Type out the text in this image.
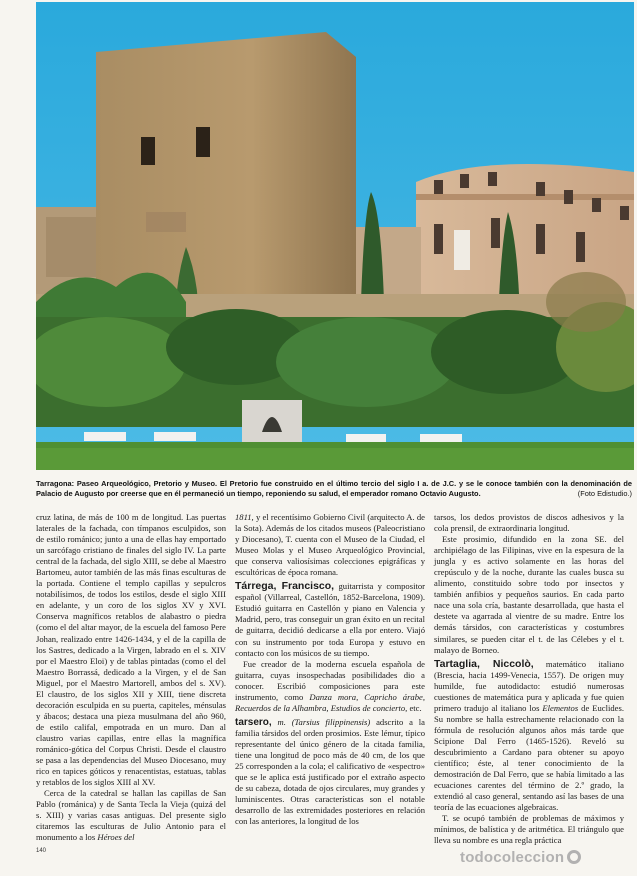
Tarragona: Paseo Arqueológico, Pretorio y Museo. El Pretorio fue construido en el último tercio del siglo I a. de J.C. y se le conoce también con la denominación de Palacio de Augusto por creerse que en él permaneció un tiempo, reponiendo su salud, el emperador romano Octavio Augusto.	(Foto Edistudio.)

cruz latina, de más de 100 m de longitud. Las puertas laterales de la fachada, con tímpanos esculpidos, son de estilo románico; junto a una de ellas hay emportado un sarcófago cristiano de finales del siglo IV. La parte central de la fachada, del siglo XIII, se debe al Maestro Bartomeu, autor también de las más finas esculturas de la portada. Contiene el templo capillas y sepulcros notabilísimos, de todos los estilos, desde el siglo XIII en adelante, y un coro de los siglos XV y XVI. Conserva magníficos retablos de alabastro o piedra (como el del altar mayor, de la escuela del famoso Pere Johan, realizado entre 1426-1434, y el de la capilla de los Sastres, dedicado a la Virgen, labrado en el s. XIV por el Maestro Eloi) y de tablas pintadas (como el del Maestro Borrassá, dedicado a la Virgen, y el de San Miguel, por el Maestro Martorell, ambos del s. XV). El claustro, de los siglos XII y XIII, tiene discreta decoración esculpida en su puerta, capiteles, ménsulas y ábacos; destaca una pieza musulmana del año 960, de estilo califal, empotrada en un muro. Dan al claustro varias capillas, entre ellas la magnífica románico-gótica del Corpus Christi. Desde el claustro se pasa a las dependencias del Museo Diocesano, muy rico en tapices góticos y renacentistas, estatuas, tablas y retablos de los siglos XIII al XV.

Cerca de la catedral se hallan las capillas de San Pablo (románica) y de Santa Tecla la Vieja (quizá del s. XIII) y varias casas antiguas. Del presente siglo citaremos las esculturas de Julio Antonio para el monumento a los Héroes del

1811, y el recentísimo Gobierno Civil (arquitecto A. de la Sota). Además de los citados museos (Paleocristiano y Diocesano), T. cuenta con el Museo de la Ciudad, el Museo Molas y el Museo Arqueológico Provincial, que conserva valiosísimas colecciones epigráficas y escultóricas de época romana.

Tárrega, Francisco, guitarrista y compositor español (Villarreal, Castellón, 1852-Barcelona, 1909). Estudió guitarra en Castellón y piano en Valencia y Madrid, pero, tras conseguir un gran éxito en un recital de guitarra, decidió dedicarse a ella por entero. Viajó con su instrumento por toda Europa y estuvo en contacto con los músicos de su tiempo.

Fue creador de la moderna escuela española de guitarra, cuyas insospechadas posibilidades dio a conocer. Escribió composiciones para este instrumento, como Danza mora, Capricho árabe, Recuerdos de la Alhambra, Estudios de concierto, etc.

tarsero, m. (Tarsius filippinensis) adscrito a la familia társidos del orden prosimios. Este lémur, típico representante del único género de la citada familia, tiene una longitud de poco más de 40 cm, de los que 25 corresponden a la cola; el calificativo de «espectro» que se le aplica está justificado por el extraño aspecto de su cabeza, dotada de ojos circulares, muy grandes y luminiscentes. Otras características son el notable desarrollo de las extremidades posteriores en relación con las anteriores, la longitud de los

tarsos, los dedos provistos de discos adhesivos y la cola prensil, de extraordinaria longitud.

Este prosimio, difundido en la zona SE. del archipiélago de las Filipinas, vive en la espesura de la jungla y es activo solamente en las horas del crepúsculo y de la noche, durante las cuales busca su alimento, constituido sobre todo por insectos y también anfibios y pequeños saurios. En cada parto nace una sola cría, bastante desarrollada, que hasta el destete va agarrada al vientre de su madre. Entre los demás társidos, con características y costumbres similares, se pueden citar el t. de las Célebes y el t. malayo de Borneo.

Tartaglia, Niccolò, matemático italiano (Brescia, hacia 1499-Venecia, 1557). De origen muy humilde, fue autodidacto: estudió numerosas cuestiones de matemática pura y aplicada y fue quien primero tradujo al italiano los Elementos de Euclides. Su nombre se halla estrechamente relacionado con la fórmula de resolución algunos años más tarde que Scipione Dal Ferro (1465-1526). Reveló su descubrimiento a Cardano para obtener su apoyo científico; éste, al tener conocimiento de la demostración de Dal Ferro, que se había limitado a las ecuaciones carentes del término de 2.º grado, la extendió al caso general, sentando así las bases de una teoría de las ecuaciones algebraicas.

T. se ocupó también de problemas de máximos y mínimos, de balística y de aritmética. El triángulo que lleva su nombre es una regla práctica

140	todocoleccion
